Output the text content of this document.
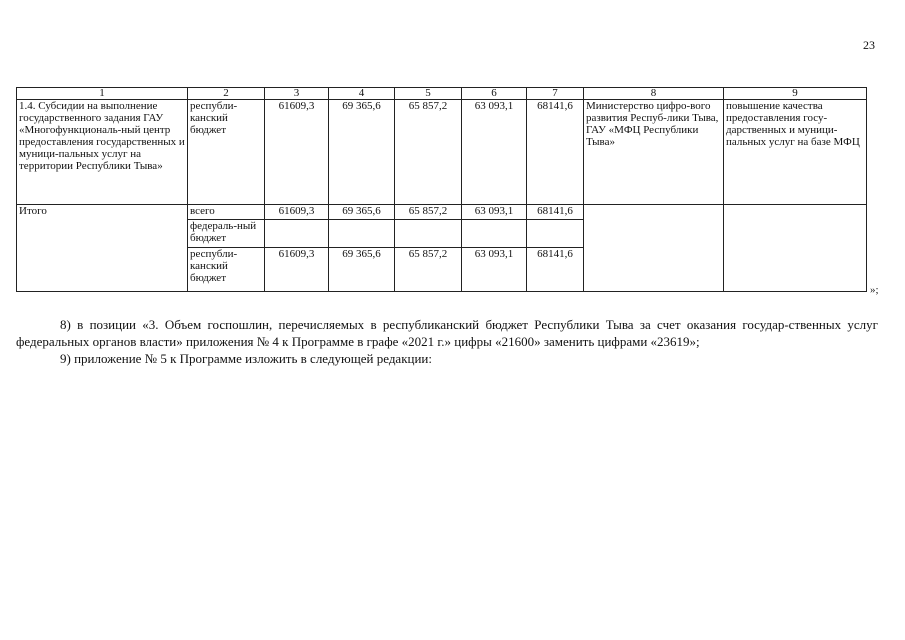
23
1	2	3	4	5	6	7	8	9
1.4. Субсидии на выполнение государственного задания ГАУ «Многофункциональ-ный центр предоставления государственных и муници-пальных услуг на территории Республики Тыва»	республи-канский бюджет	61609,3	69 365,6	65 857,2	63 093,1	68141,6	Министерство цифро-вого развития Респуб-лики Тыва, ГАУ «МФЦ Республики Тыва»	повышение качества предоставления госу-дарственных и муници-пальных услуг на базе МФЦ
Итого	всего	61609,3	69 365,6	65 857,2	63 093,1	68141,6		
	федераль-ный бюджет							
	республи-канский бюджет	61609,3	69 365,6	65 857,2	63 093,1	68141,6		
»;

8) в позиции «3. Объем госпошлин, перечисляемых в республиканский бюджет Республики Тыва за счет оказания государ-ственных услуг федеральных органов власти» приложения № 4 к Программе в графе «2021 г.» цифры «21600» заменить цифрами «23619»;

9) приложение № 5 к Программе изложить в следующей редакции:
